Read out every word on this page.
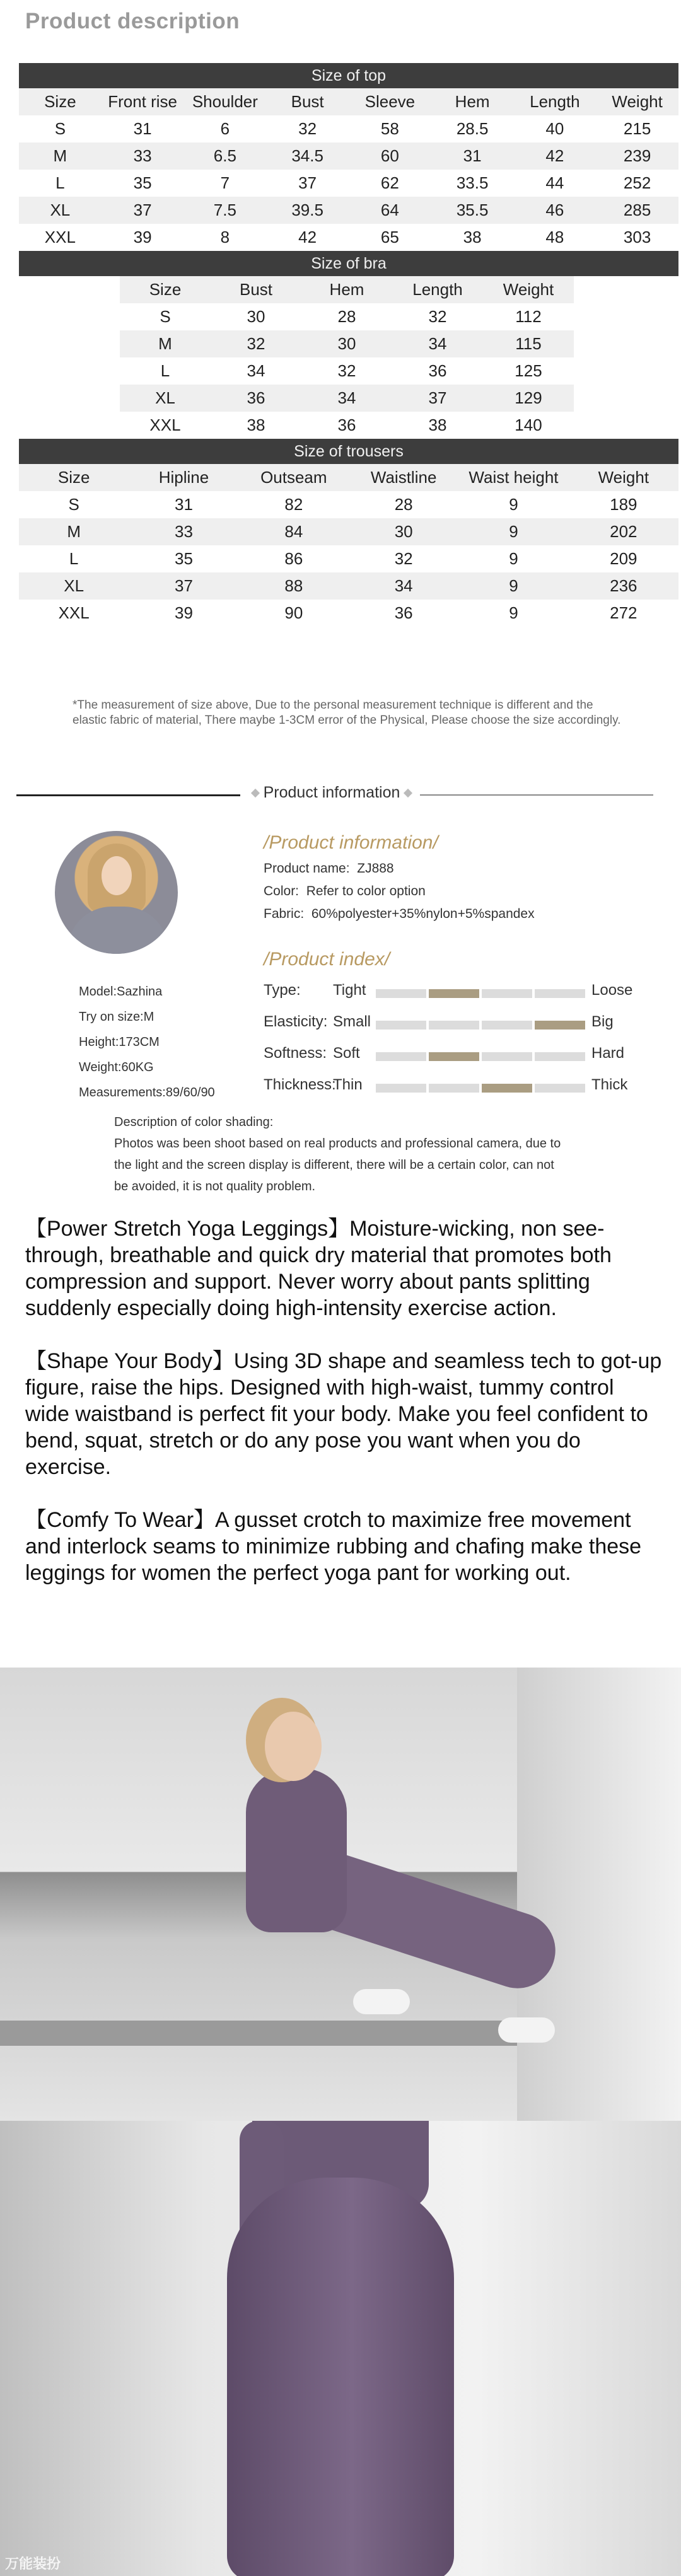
Product description
Size of top
Size	Front rise	Shoulder	Bust	Sleeve	Hem	Length	Weight
S	31	6	32	58	28.5	40	215
M	33	6.5	34.5	60	31	42	239
L	35	7	37	62	33.5	44	252
XL	37	7.5	39.5	64	35.5	46	285
XXL	39	8	42	65	38	48	303
Size of bra
Size	Bust	Hem	Length	Weight
S	30	28	32	112
M	32	30	34	115
L	34	32	36	125
XL	36	34	37	129
XXL	38	36	38	140
Size of trousers
Size	Hipline	Outseam	Waistline	Waist height	Weight
S	31	82	28	9	189
M	33	84	30	9	202
L	35	86	32	9	209
XL	37	88	34	9	236
XXL	39	90	36	9	272
*The measurement of size above, Due to the personal measurement technique is different and the elastic fabric of material, There maybe 1-3CM error of the Physical, Please choose the size accordingly.
Product information
Model:Sazhina
Try on size:M
Height:173CM
Weight:60KG
Measurements:89/60/90
/Product information/
Product name: ZJ888
Color: Refer to color option
Fabric: 60%polyester+35%nylon+5%spandex
/Product index/
Type: Tight	Loose
Elasticity: Small	Big
Softness: Soft	Hard
Thickness:
Thin	Thick
Description of color shading:
Photos was been shoot based on real products and professional camera, due to the light and the screen display is different, there will be a certain color, can not be avoided, it is not quality problem.

【Power Stretch Yoga Leggings】Moisture-wicking, non see-through, breathable and quick dry material that promotes both compression and support. Never worry about pants splitting suddenly especially doing high-intensity exercise action.

【Shape Your Body】Using 3D shape and seamless tech to got-up figure, raise the hips. Designed with high-waist, tummy control wide waistband is perfect fit your body. Make you feel confident to bend, squat, stretch or do any pose you want when you do exercise.

【Comfy To Wear】A gusset crotch to maximize free movement and interlock seams to minimize rubbing and chafing make these leggings for women the perfect yoga pant for working out.

万能装扮
